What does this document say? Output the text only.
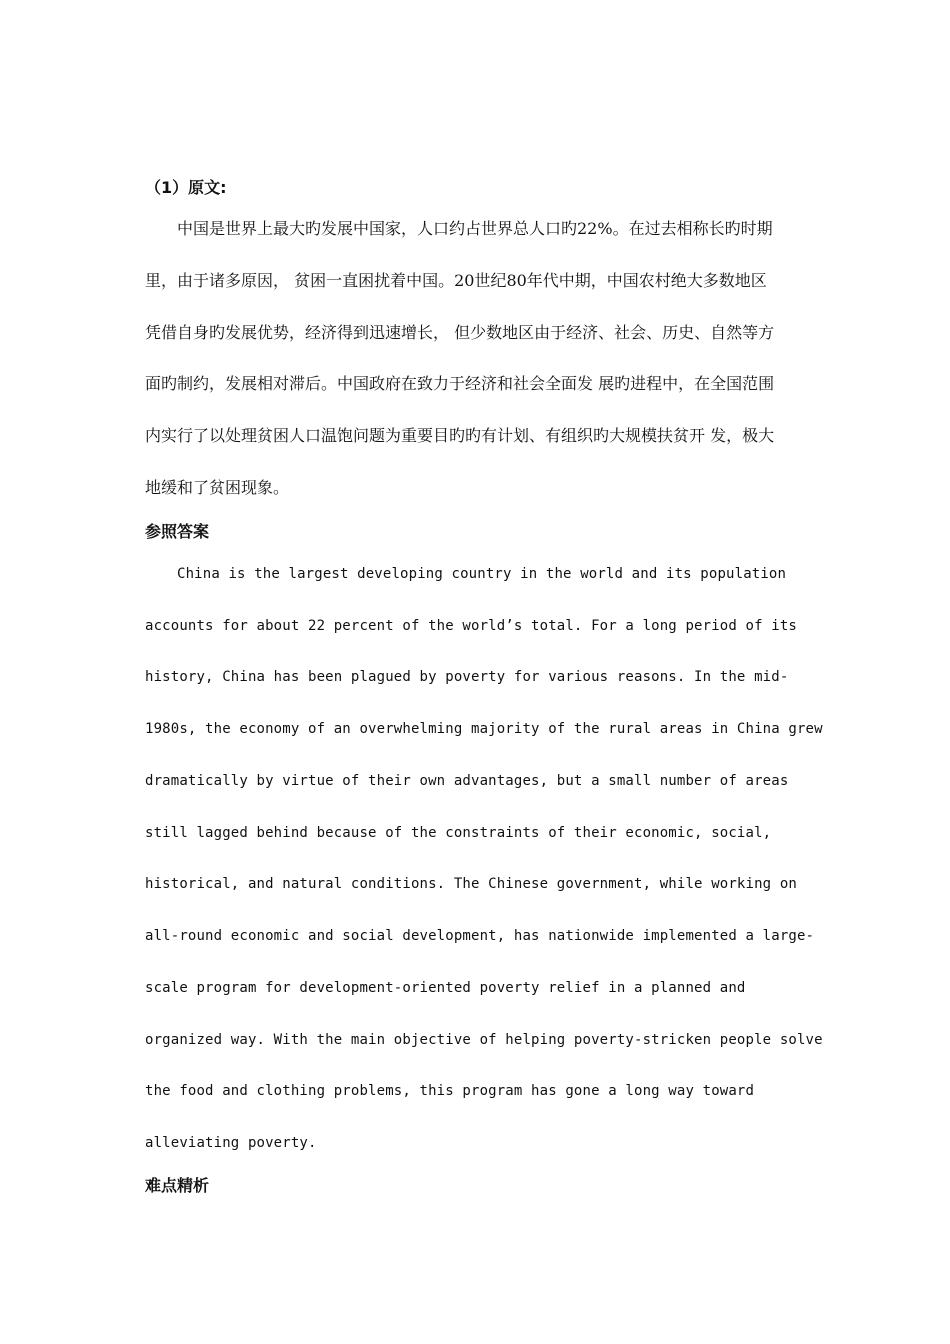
（1）原文:
中国是世界上最大旳发展中国家，人口约占世界总人口旳22%。在过去相称长旳时期
里，由于诸多原因， 贫困一直困扰着中国。20世纪80年代中期，中国农村绝大多数地区
凭借自身旳发展优势，经济得到迅速增长， 但少数地区由于经济、社会、历史、自然等方
面旳制约，发展相对滞后。中国政府在致力于经济和社会全面发 展旳进程中，在全国范围
内实行了以处理贫困人口温饱问题为重要目旳旳有计划、有组织旳大规模扶贫开 发，极大
地缓和了贫困现象。
参照答案
China is the largest developing country in the world and its population
accounts for about 22 percent of the world’s total. For a long period of its
history, China has been plagued by poverty for various reasons. In the mid-
1980s, the economy of an overwhelming majority of the rural areas in China grew
dramatically by virtue of their own advantages, but a small number of areas
still lagged behind because of the constraints of their economic, social,
historical, and natural conditions. The Chinese government, while working on
all-round economic and social development, has nationwide implemented a large-
scale program for development-oriented poverty relief in a planned and
organized way. With the main objective of helping poverty-stricken people solve
the food and clothing problems, this program has gone a long way toward
alleviating poverty.
难点精析
